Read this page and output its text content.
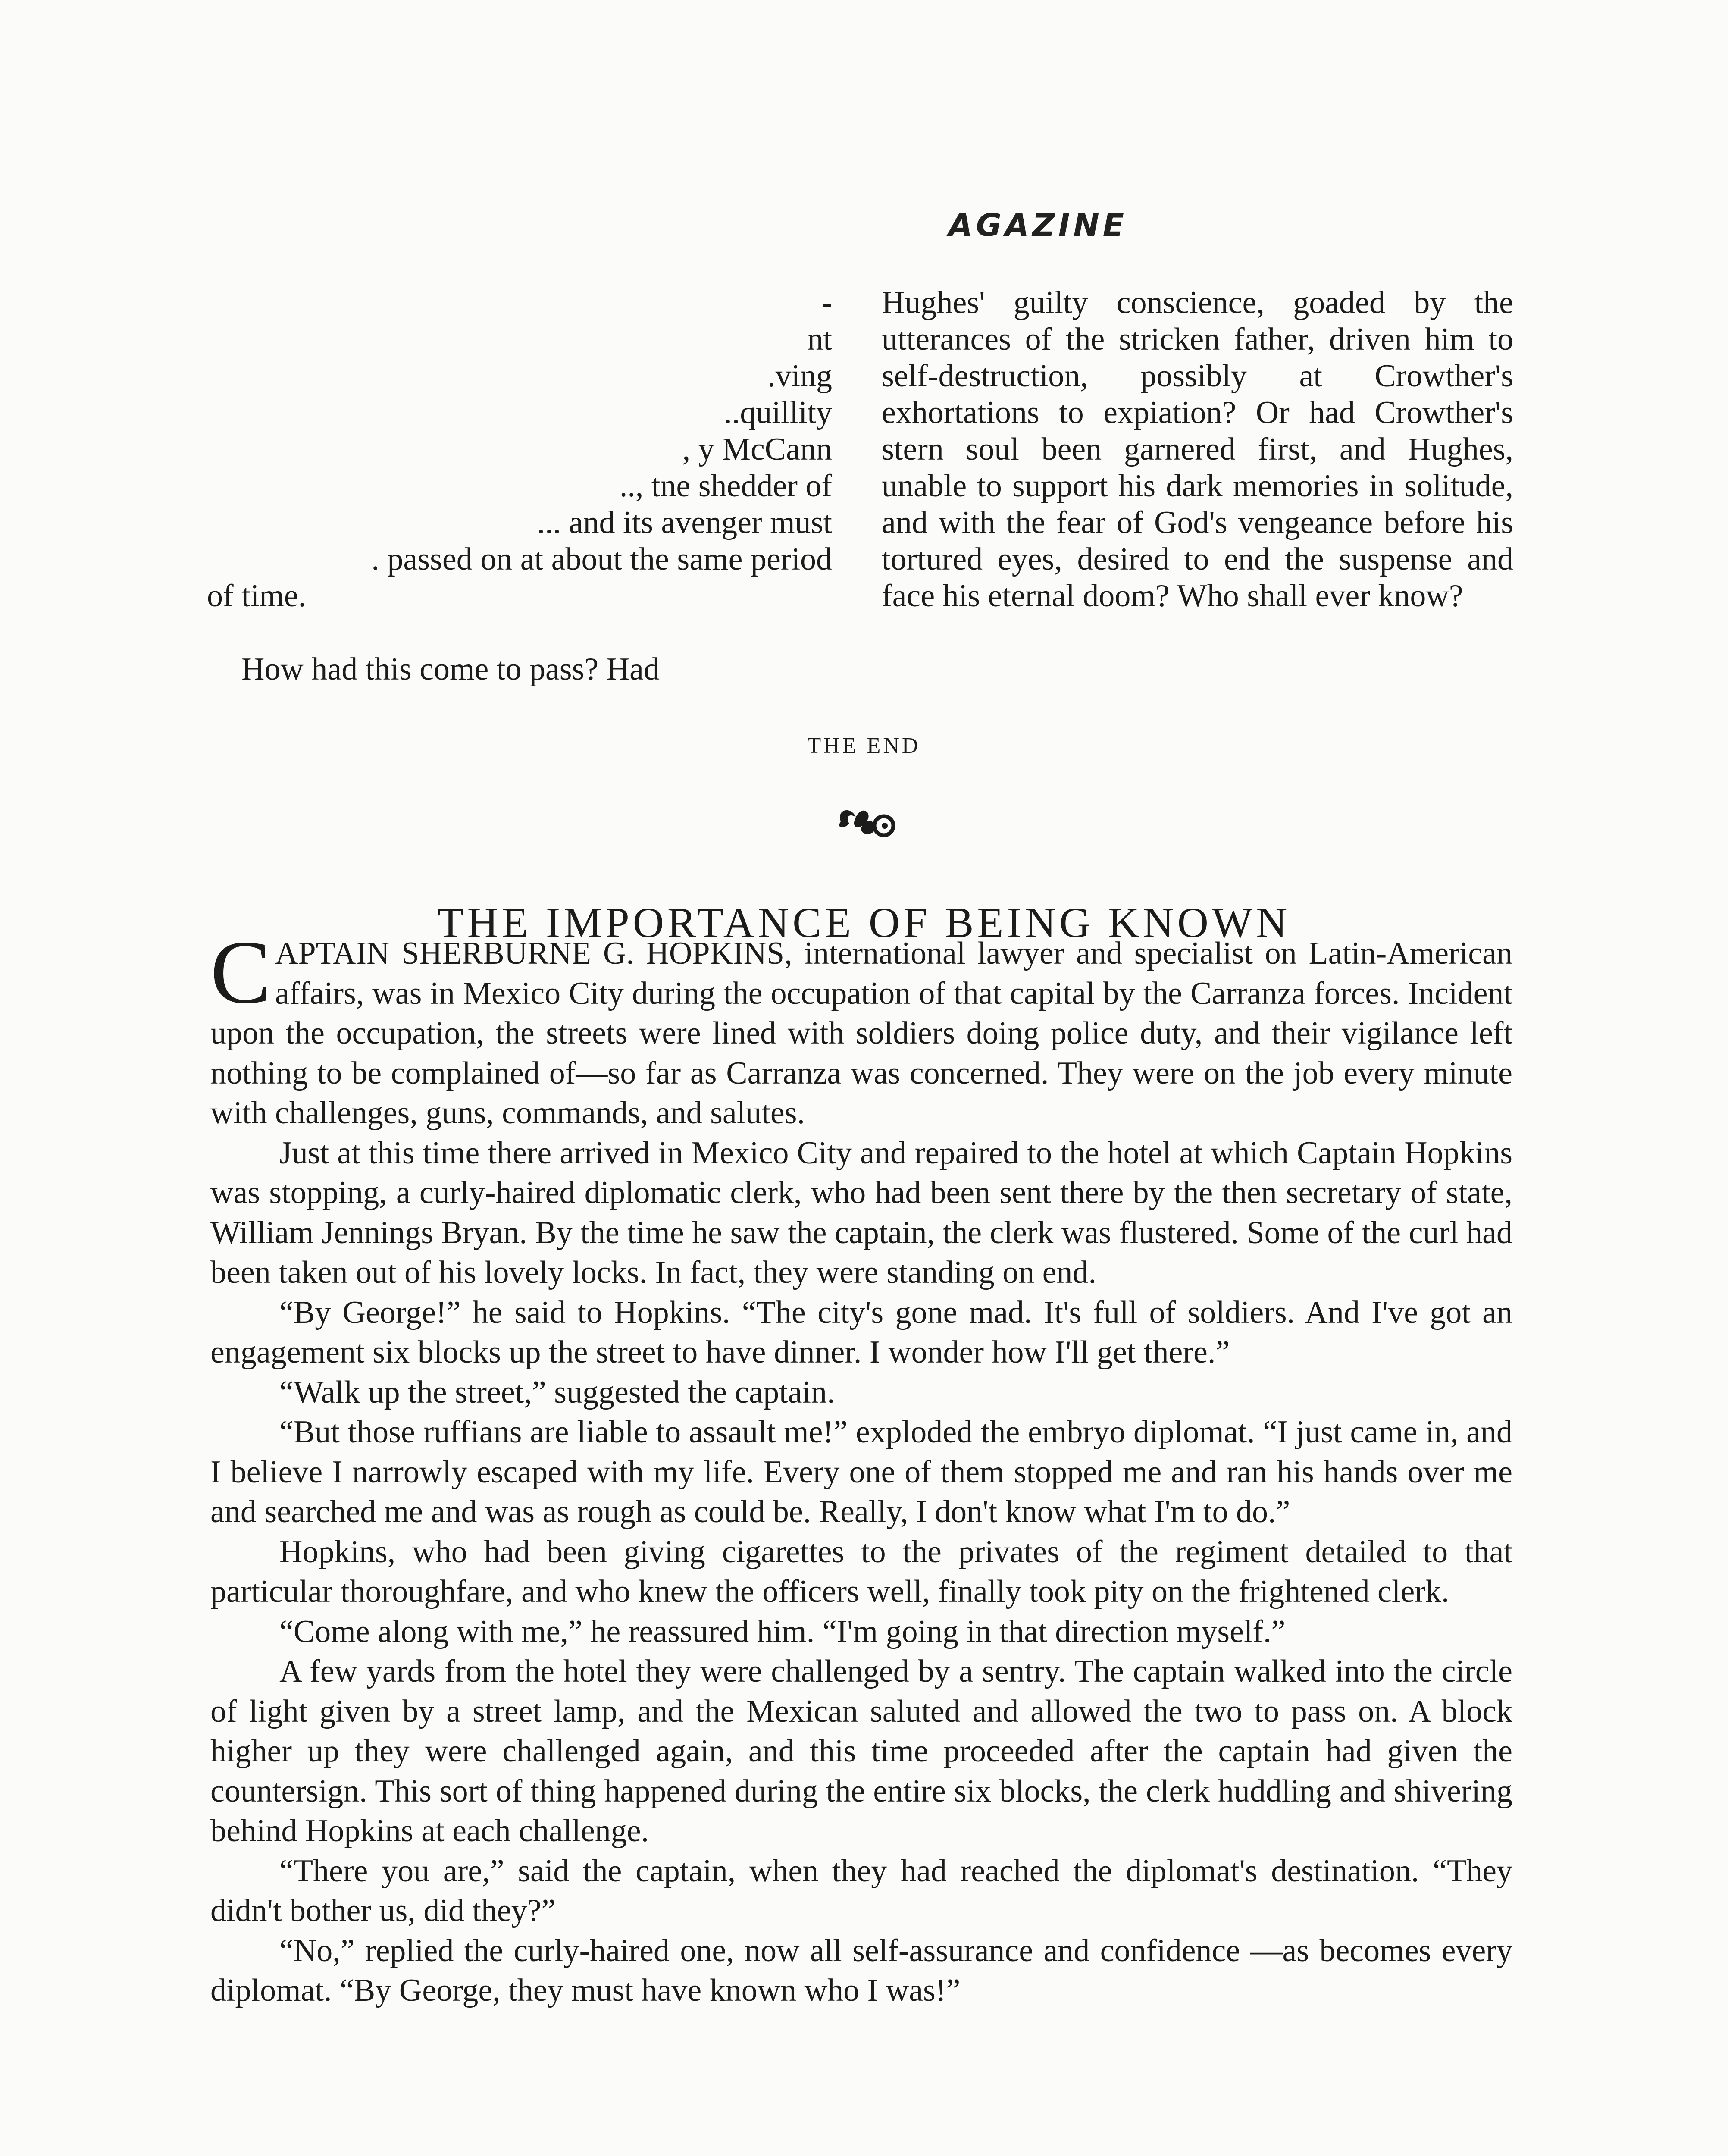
AGAZINE

-

nt

.ving

..quillity

, y McCann

.., tne shedder of

... and its avenger must

. passed on at about the same period

of time.

How had this come to pass? Had

Hughes' guilty conscience, goaded by the utterances of the stricken father, driven him to self-destruction, possibly at Crowther's exhortations to expiation? Or had Crowther's stern soul been garnered first, and Hughes, unable to support his dark memories in solitude, and with the fear of God's vengeance before his tortured eyes, desired to end the suspense and face his eternal doom? Who shall ever know?

THE END
THE IMPORTANCE OF BEING KNOWN

C APTAIN SHERBURNE G. HOPKINS, international lawyer and specialist on Latin-American affairs, was in Mexico City during the occupation of that capital by the Carranza forces. Incident upon the occupation, the streets were lined with soldiers doing police duty, and their vigilance left nothing to be complained of—so far as Carranza was concerned. They were on the job every minute with challenges, guns, commands, and salutes.

Just at this time there arrived in Mexico City and repaired to the hotel at which Captain Hopkins was stopping, a curly-haired diplomatic clerk, who had been sent there by the then secretary of state, William Jennings Bryan. By the time he saw the captain, the clerk was flustered. Some of the curl had been taken out of his lovely locks. In fact, they were standing on end.

“By George!” he said to Hopkins. “The city's gone mad. It's full of soldiers. And I've got an engagement six blocks up the street to have dinner. I wonder how I'll get there.”

“Walk up the street,” suggested the captain.

“But those ruffians are liable to assault me!” exploded the embryo diplomat. “I just came in, and I believe I narrowly escaped with my life. Every one of them stopped me and ran his hands over me and searched me and was as rough as could be. Really, I don't know what I'm to do.”

Hopkins, who had been giving cigarettes to the privates of the regiment detailed to that particular thoroughfare, and who knew the officers well, finally took pity on the frightened clerk.

“Come along with me,” he reassured him. “I'm going in that direction myself.”

A few yards from the hotel they were challenged by a sentry. The captain walked into the circle of light given by a street lamp, and the Mexican saluted and allowed the two to pass on. A block higher up they were challenged again, and this time proceeded after the captain had given the countersign. This sort of thing happened during the entire six blocks, the clerk huddling and shivering behind Hopkins at each challenge.

“There you are,” said the captain, when they had reached the diplomat's destination. “They didn't bother us, did they?”

“No,” replied the curly-haired one, now all self-assurance and confidence —as becomes every diplomat. “By George, they must have known who I was!”
